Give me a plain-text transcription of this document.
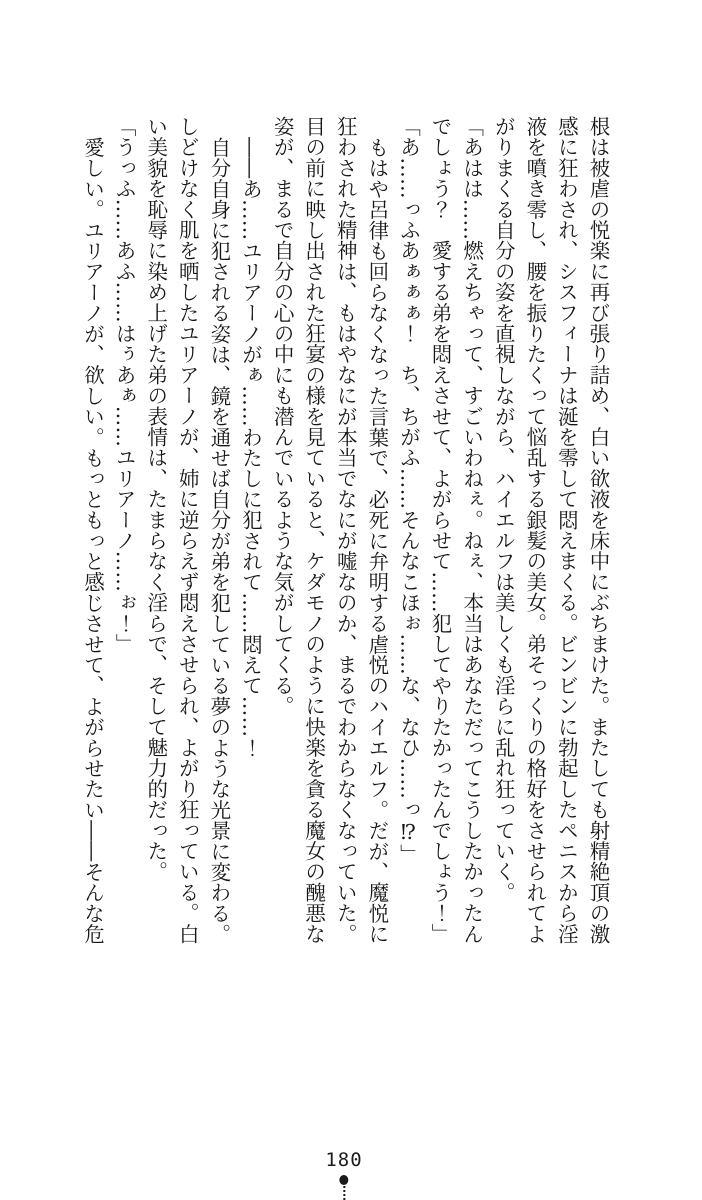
根は被虐の悦楽に再び張り詰め、白い欲液を床中にぶちまけた。またしても射精絶頂の激
感に狂わされ、シスフィーナは涎を零して悶えまくる。ビンビンに勃起したペニスから淫
液を噴き零し、腰を振りたくって悩乱する銀髪の美女。弟そっくりの格好をさせられてよ
がりまくる自分の姿を直視しながら、ハイエルフは美しくも淫らに乱れ狂っていく。
「あはは……燃えちゃって、すごいわねぇ。ねぇ、本当はあなただってこうしたかったん
でしょう？　愛する弟を悶えさせて、よがらせて……犯してやりたかったんでしょう！」
「あ……っふあぁぁぁ！　ち、ちがふ……そんなこほぉ……な、なひ……っ⁉」
もはや呂律も回らなくなった言葉で、必死に弁明する虐悦のハイエルフ。だが、魔悦に
狂わされた精神は、もはやなにが本当でなにが嘘なのか、まるでわからなくなっていた。
目の前に映し出された狂宴の様を見ていると、ケダモノのように快楽を貪る魔女の醜悪な
姿が、まるで自分の心の中にも潜んでいるような気がしてくる。
――あ……ユリアーノがぁ……わたしに犯されて……悶えて……！
自分自身に犯される姿は、鏡を通せば自分が弟を犯している夢のような光景に変わる。
しどけなく肌を晒したユリアーノが、姉に逆らえず悶えさせられ、よがり狂っている。白
い美貌を恥辱に染め上げた弟の表情は、たまらなく淫らで、そして魅力的だった。
「うっふ……あふ……はぅあぁ……ユリアーノ……ぉ！」
愛しい。ユリアーノが、欲しい。もっともっと感じさせて、よがらせたい――そんな危
180
